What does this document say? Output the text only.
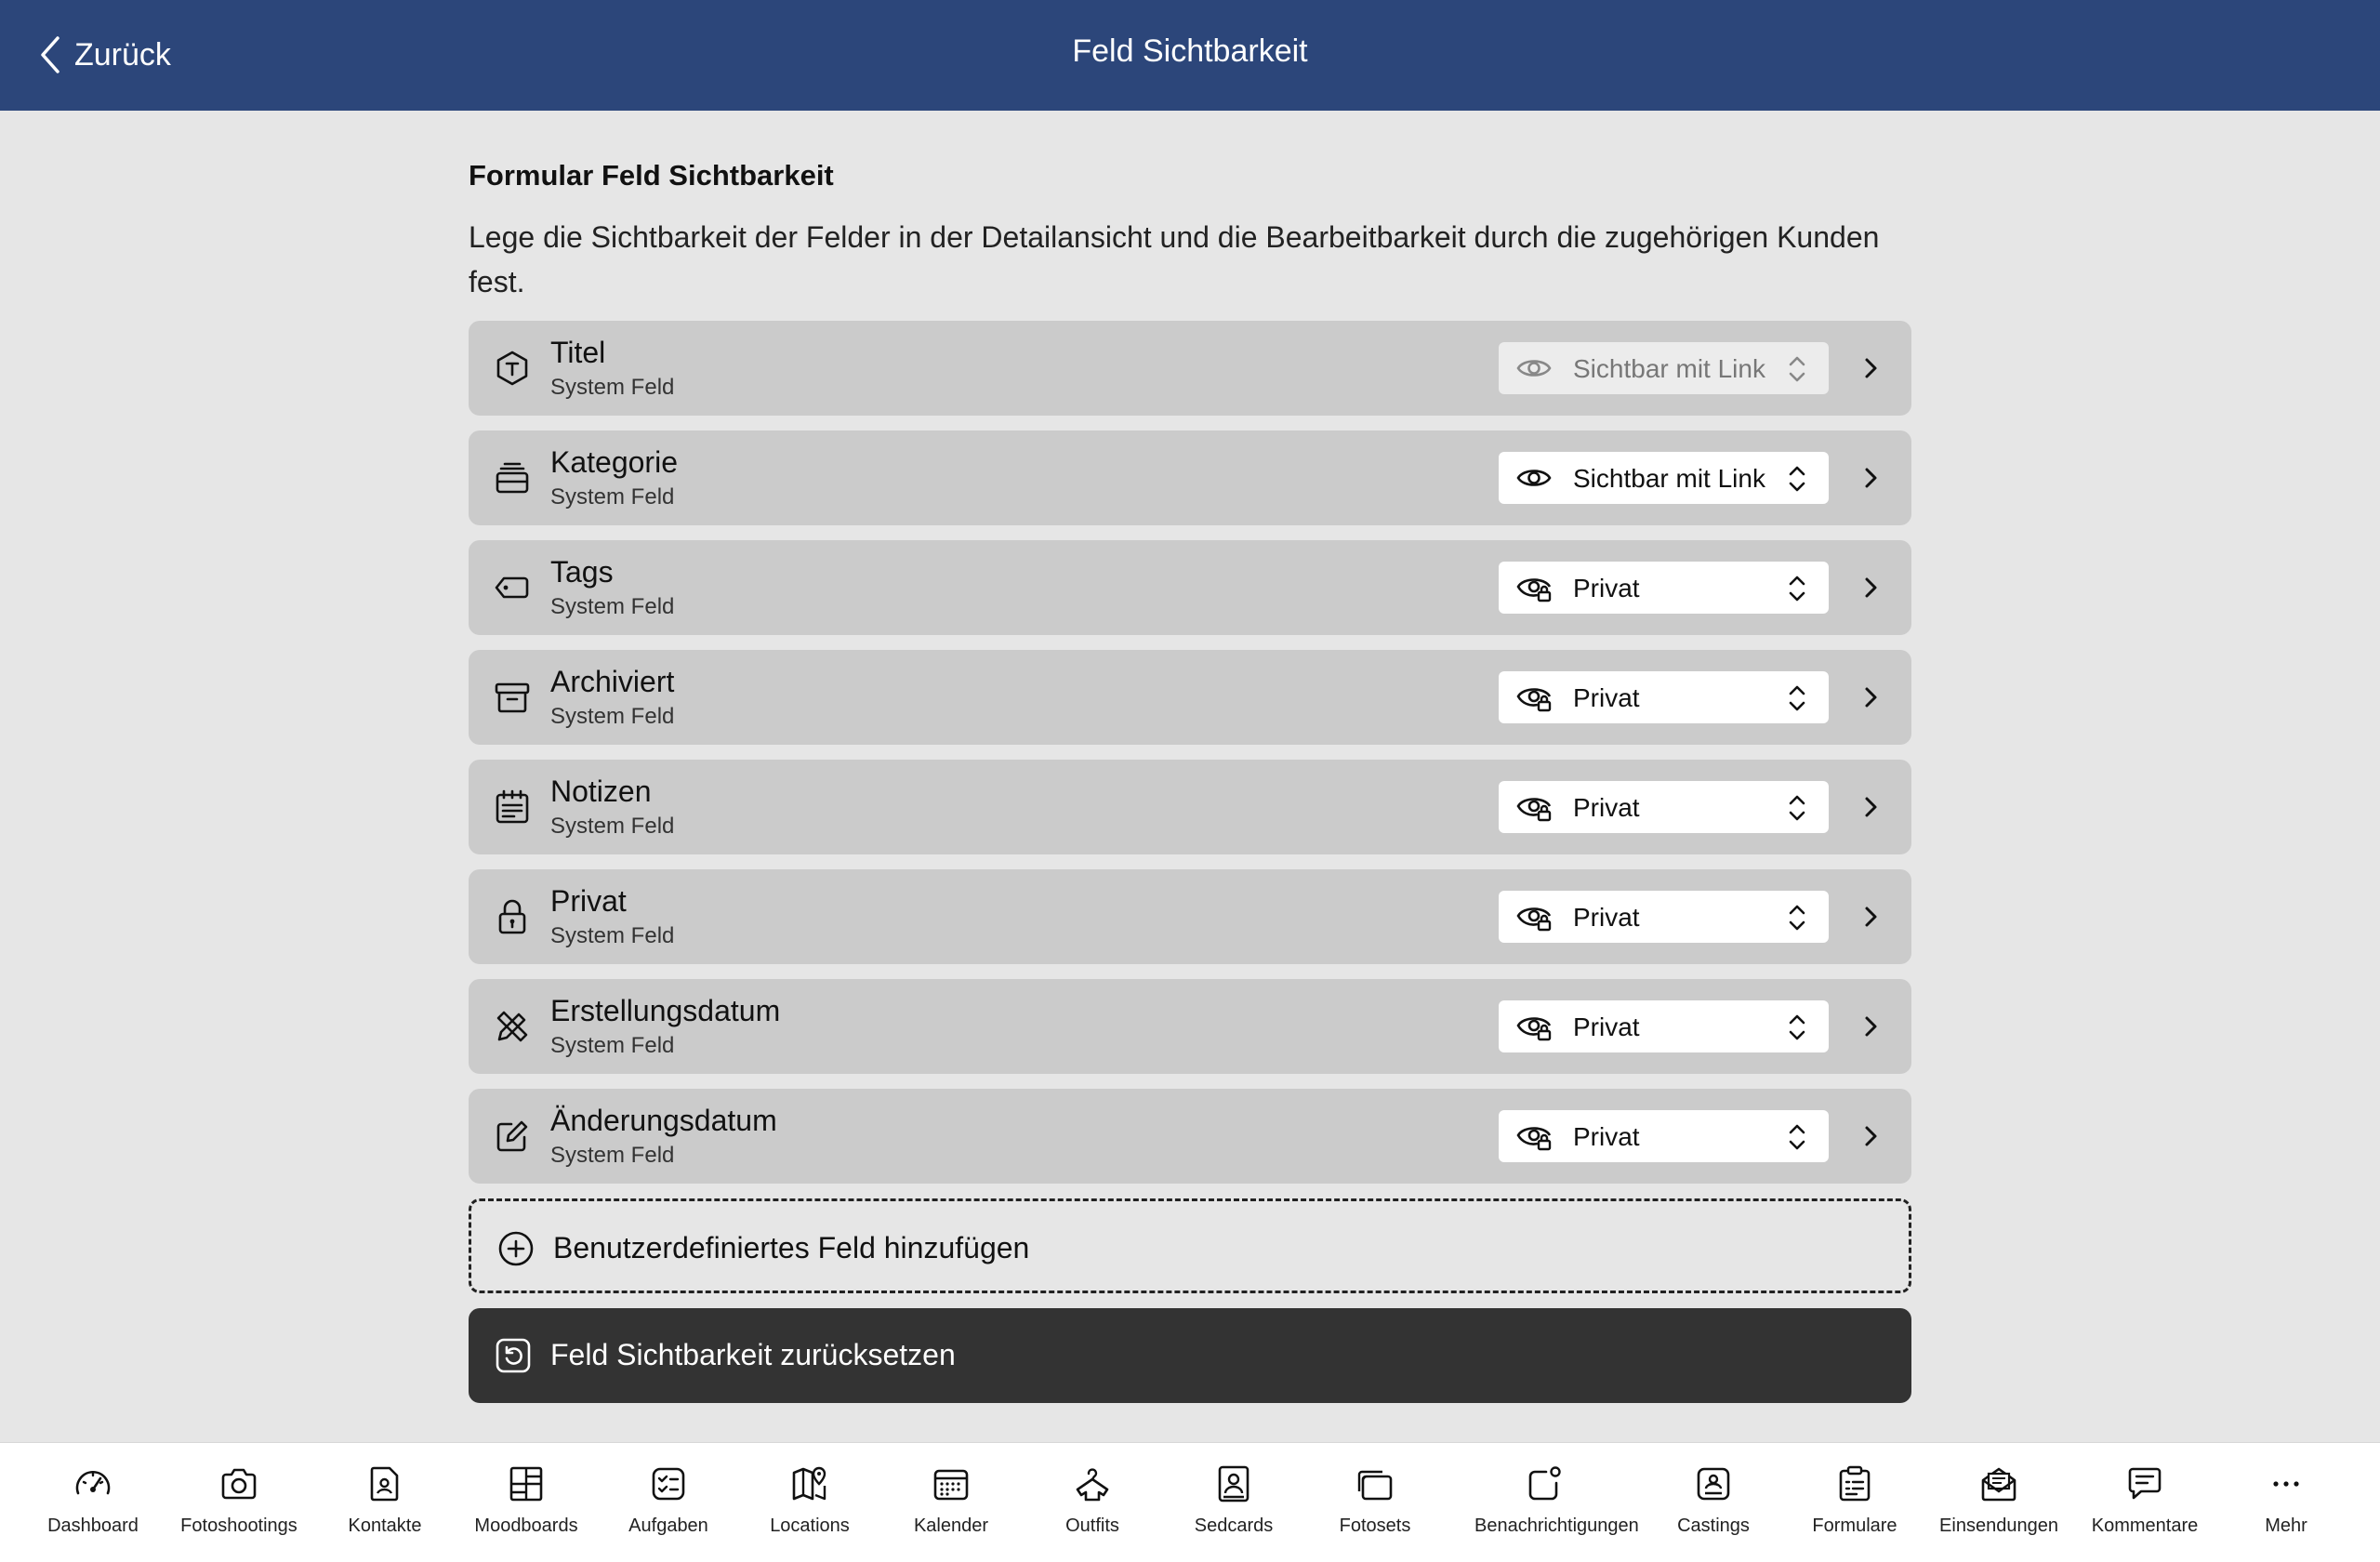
Zurück	Feld Sichtbarkeit
Formular Feld Sichtbarkeit
Lege die Sichtbarkeit der Felder in der Detailansicht und die Bearbeitbarkeit durch die zugehörigen Kunden fest.
Titel
System Feld
Sichtbar mit Link
Kategorie
System Feld
Sichtbar mit Link
Tags
System Feld
Privat
Archiviert
System Feld
Privat
Notizen
System Feld
Privat
Privat
System Feld
Privat
Erstellungsdatum
System Feld
Privat
Änderungsdatum
System Feld
Privat
Benutzerdefiniertes Feld hinzufügen
Feld Sichtbarkeit zurücksetzen
Dashboard	Fotoshootings	Kontakte	Moodboards	Aufgaben	Locations	Kalender	Outfits	Sedcards	Fotosets	Benachrichtigungen	Castings	Formulare	Einsendungen	Kommentare	Mehr
